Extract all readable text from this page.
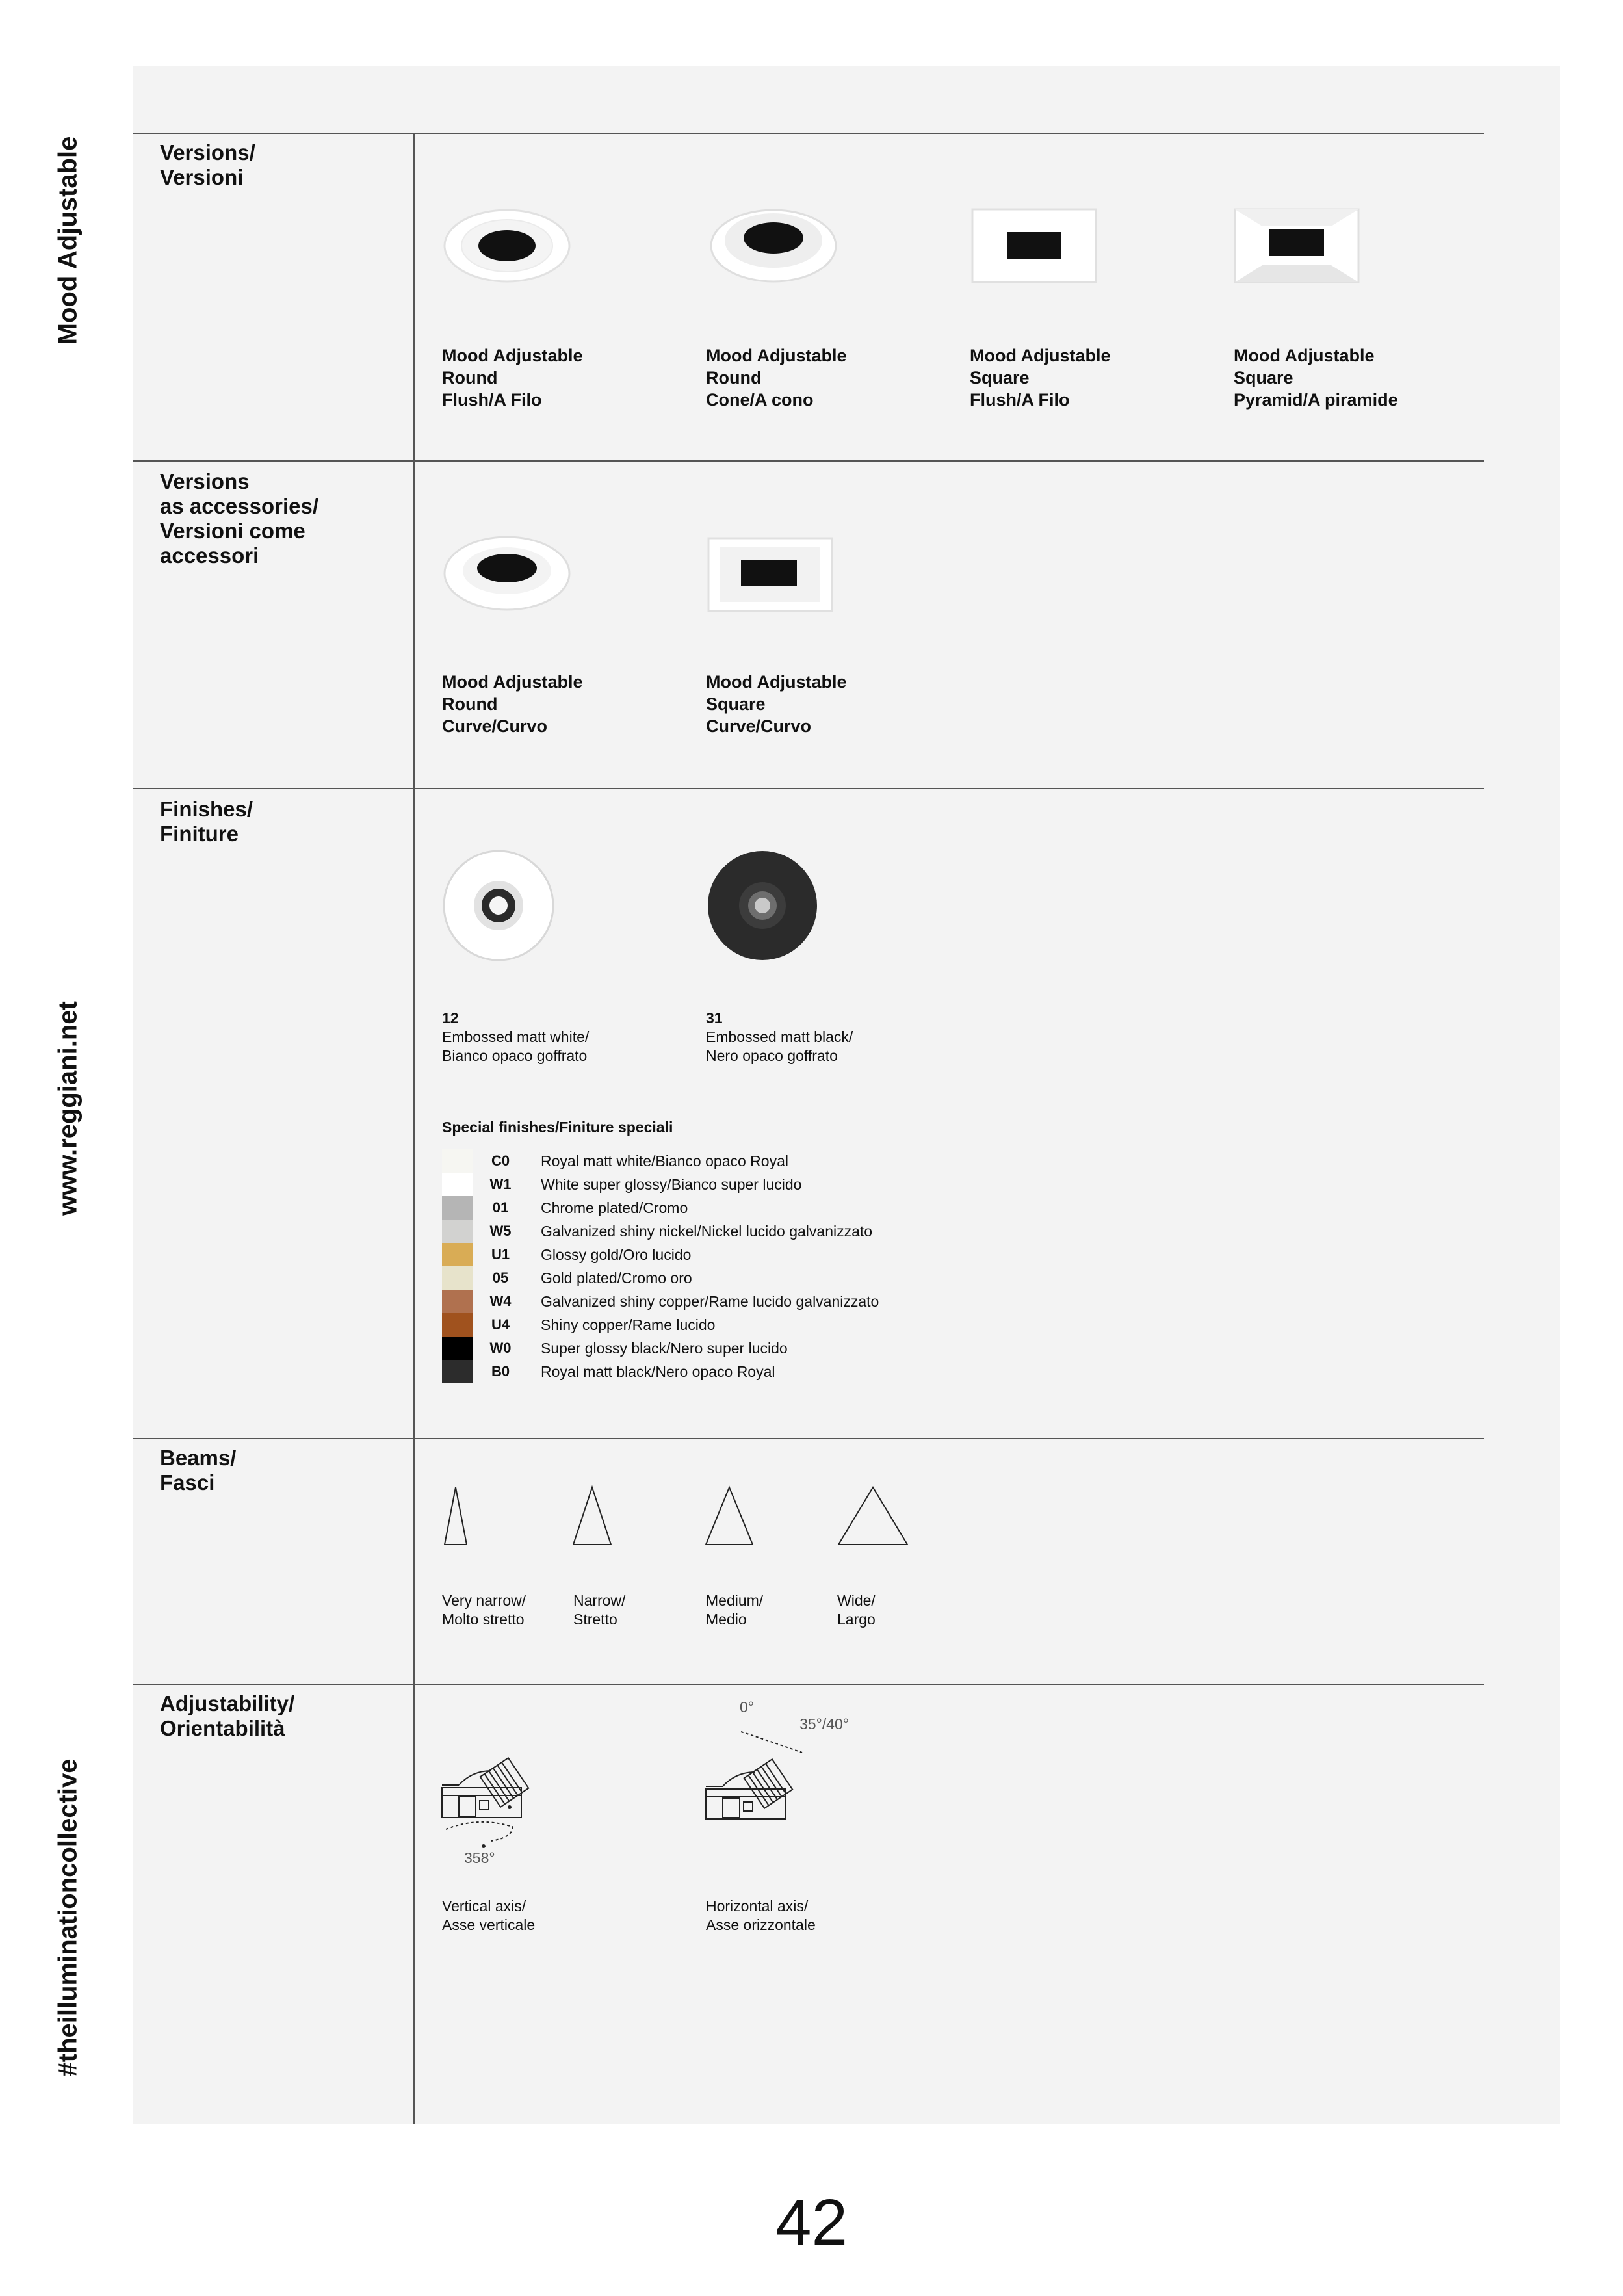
Mood Adjustable
www.reggiani.net
#theilluminationcollective
Versions/
Versioni
Mood Adjustable
Round
Flush/A Filo
Mood Adjustable
Round
Cone/A cono
Mood Adjustable
Square
Flush/A Filo
Mood Adjustable
Square
Pyramid/A piramide
Versions
as accessories/
Versioni come
accessori
Mood Adjustable
Round
Curve/Curvo
Mood Adjustable
Square
Curve/Curvo
Finishes/
Finiture
12
Embossed matt white/
Bianco opaco goffrato
31
Embossed matt black/
Nero opaco goffrato
Special finishes/Finiture speciali
C0	Royal matt white/Bianco opaco Royal
W1	White super glossy/Bianco super lucido
01	Chrome plated/Cromo
W5	Galvanized shiny nickel/Nickel lucido galvanizzato
U1	Glossy gold/Oro lucido
05	Gold plated/Cromo oro
W4	Galvanized shiny copper/Rame lucido galvanizzato
U4	Shiny copper/Rame lucido
W0	Super glossy black/Nero super lucido
B0	Royal matt black/Nero opaco Royal
Beams/
Fasci
Very narrow/
Molto stretto
Narrow/
Stretto
Medium/
Medio
Wide/
Largo
Adjustability/
Orientabilità
358°
Vertical axis/
Asse verticale
0°
35°/40°
Horizontal axis/
Asse orizzontale
42
